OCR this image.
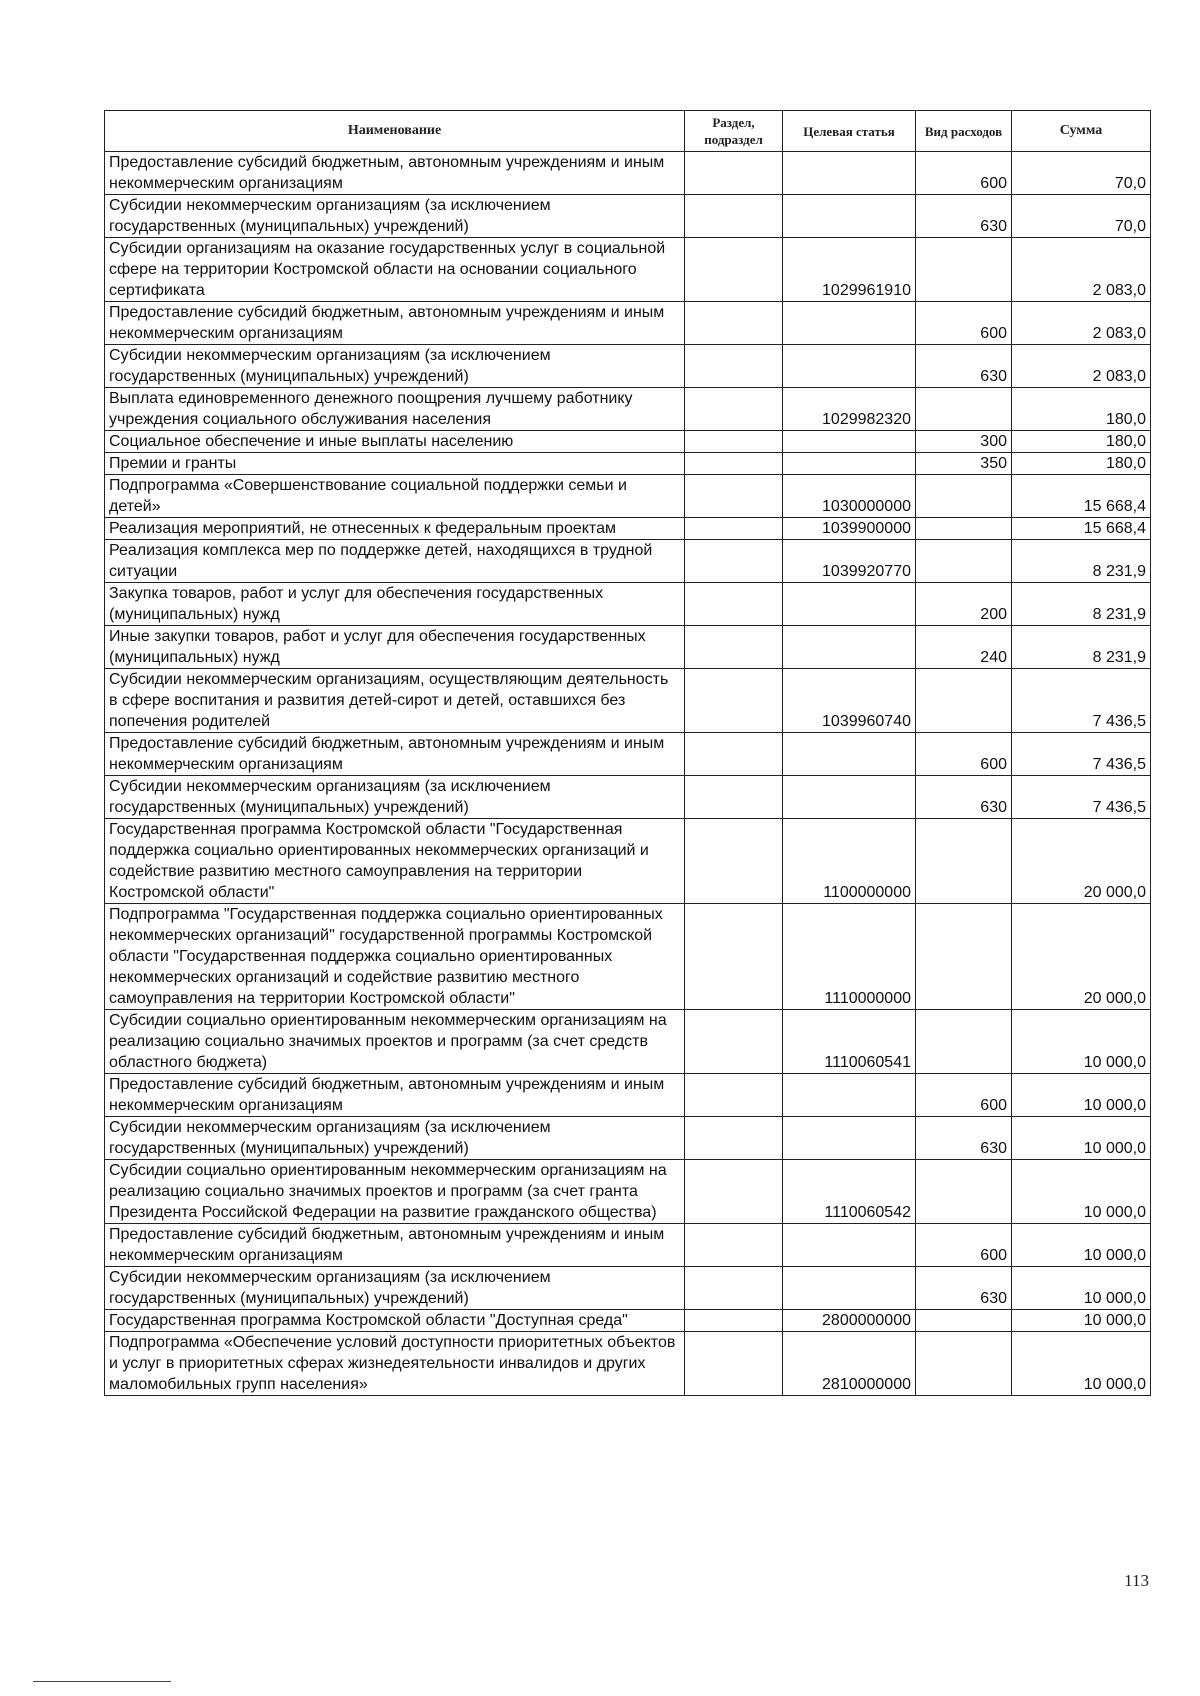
Наименование	Раздел, подраздел	Целевая статья	Вид расходов	Сумма
Предоставление субсидий бюджетным, автономным учреждениям и иным некоммерческим организациям			600	70,0
Субсидии некоммерческим организациям (за исключением государственных (муниципальных) учреждений)			630	70,0
Субсидии организациям на оказание государственных услуг в социальной сфере на территории Костромской области на основании социального сертификата		1029961910		2 083,0
Предоставление субсидий бюджетным, автономным учреждениям и иным некоммерческим организациям			600	2 083,0
Субсидии некоммерческим организациям (за исключением государственных (муниципальных) учреждений)			630	2 083,0
Выплата единовременного денежного поощрения лучшему работнику учреждения социального обслуживания населения		1029982320		180,0
Социальное обеспечение и иные выплаты населению			300	180,0
Премии и гранты			350	180,0
Подпрограмма «Совершенствование социальной поддержки семьи и детей»		1030000000		15 668,4
Реализация мероприятий, не отнесенных к федеральным проектам		1039900000		15 668,4
Реализация комплекса мер по поддержке детей, находящихся в трудной ситуации		1039920770		8 231,9
Закупка товаров, работ и услуг для обеспечения государственных (муниципальных) нужд			200	8 231,9
Иные закупки товаров, работ и услуг для обеспечения государственных (муниципальных) нужд			240	8 231,9
Субсидии некоммерческим организациям, осуществляющим деятельность в сфере воспитания и развития детей-сирот и детей, оставшихся без попечения родителей		1039960740		7 436,5
Предоставление субсидий бюджетным, автономным учреждениям и иным некоммерческим организациям			600	7 436,5
Субсидии некоммерческим организациям (за исключением государственных (муниципальных) учреждений)			630	7 436,5
Государственная программа Костромской области "Государственная поддержка социально ориентированных некоммерческих организаций и содействие развитию местного самоуправления на территории Костромской области"		1100000000		20 000,0
Подпрограмма "Государственная поддержка социально ориентированных некоммерческих организаций" государственной программы Костромской области "Государственная поддержка социально ориентированных некоммерческих организаций и содействие развитию местного самоуправления на территории Костромской области"		1110000000		20 000,0
Субсидии социально ориентированным некоммерческим организациям на реализацию социально значимых проектов и программ (за счет средств областного бюджета)		1110060541		10 000,0
Предоставление субсидий бюджетным, автономным учреждениям и иным некоммерческим организациям			600	10 000,0
Субсидии некоммерческим организациям (за исключением государственных (муниципальных) учреждений)			630	10 000,0
Субсидии социально ориентированным некоммерческим организациям на реализацию социально значимых проектов и программ (за счет гранта Президента Российской Федерации на развитие гражданского общества)		1110060542		10 000,0
Предоставление субсидий бюджетным, автономным учреждениям и иным некоммерческим организациям			600	10 000,0
Субсидии некоммерческим организациям (за исключением государственных (муниципальных) учреждений)			630	10 000,0
Государственная программа Костромской области "Доступная среда"		2800000000		10 000,0
Подпрограмма «Обеспечение условий доступности приоритетных объектов и услуг в приоритетных сферах жизнедеятельности инвалидов и других маломобильных групп населения»		2810000000		10 000,0
113
